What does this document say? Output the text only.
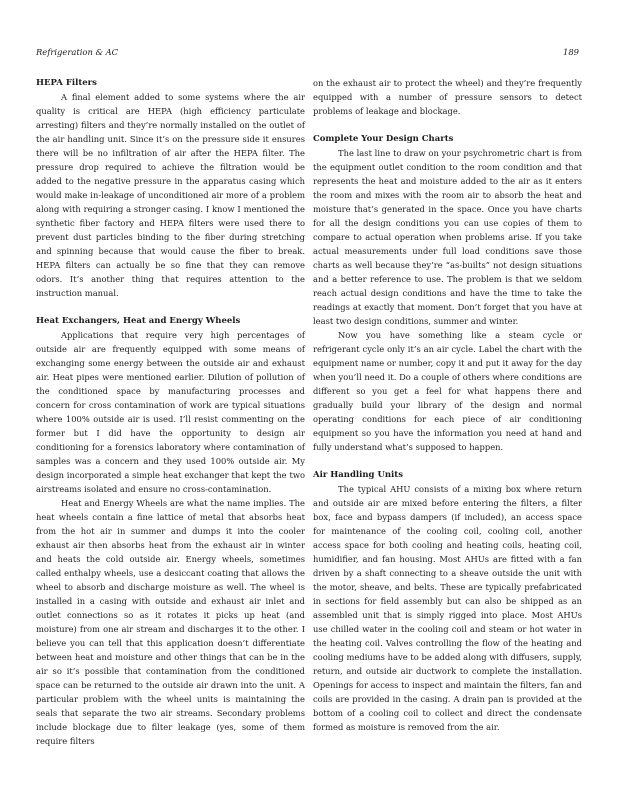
Refrigeration & AC	189
HEPA Filters

A final element added to some systems where the air quality is critical are HEPA (high efficiency particulate arresting) filters and they’re normally installed on the outlet of the air handling unit. Since it’s on the pressure side it ensures there will be no infiltration of air after the HEPA filter. The pressure drop required to achieve the filtration would be added to the negative pressure in the apparatus casing which would make in-leakage of unconditioned air more of a problem along with requiring a stronger casing. I know I mentioned the synthetic fiber factory and HEPA filters were used there to prevent dust particles binding to the fiber during stretching and spinning because that would cause the fiber to break. HEPA filters can actually be so fine that they can remove odors. It’s another thing that requires attention to the instruction manual.

Heat Exchangers, Heat and Energy Wheels

Applications that require very high percentages of outside air are frequently equipped with some means of exchanging some energy between the outside air and exhaust air. Heat pipes were mentioned earlier. Dilution of pollution of the conditioned space by manufacturing processes and concern for cross contamination of work are typical situations where 100% outside air is used. I’ll resist commenting on the former but I did have the opportunity to design air conditioning for a forensics laboratory where contamination of samples was a concern and they used 100% outside air. My design incorporated a simple heat exchanger that kept the two airstreams isolated and ensure no cross-contamination.

Heat and Energy Wheels are what the name implies. The heat wheels contain a fine lattice of metal that absorbs heat from the hot air in summer and dumps it into the cooler exhaust air then absorbs heat from the exhaust air in winter and heats the cold outside air. Energy wheels, sometimes called enthalpy wheels, use a desiccant coating that allows the wheel to absorb and discharge moisture as well. The wheel is installed in a casing with outside and exhaust air inlet and outlet connections so as it rotates it picks up heat (and moisture) from one air stream and discharges it to the other. I believe you can tell that this application doesn’t differentiate between heat and moisture and other things that can be in the air so it’s possible that contamination from the conditioned space can be returned to the outside air drawn into the unit. A particular problem with the wheel units is maintaining the seals that separate the two air streams. Secondary problems include blockage due to filter leakage (yes, some of them require filters

on the exhaust air to protect the wheel) and they’re frequently equipped with a number of pressure sensors to detect problems of leakage and blockage.

Complete Your Design Charts

The last line to draw on your psychrometric chart is from the equipment outlet condition to the room condition and that represents the heat and moisture added to the air as it enters the room and mixes with the room air to absorb the heat and moisture that’s generated in the space. Once you have charts for all the design conditions you can use copies of them to compare to actual operation when problems arise. If you take actual measurements under full load conditions save those charts as well because they’re “as-builts” not design situations and a better reference to use. The problem is that we seldom reach actual design conditions and have the time to take the readings at exactly that moment. Don’t forget that you have at least two design conditions, summer and winter.

Now you have something like a steam cycle or refrigerant cycle only it’s an air cycle. Label the chart with the equipment name or number, copy it and put it away for the day when you’ll need it. Do a couple of others where conditions are different so you get a feel for what happens there and gradually build your library of the design and normal operating conditions for each piece of air conditioning equipment so you have the information you need at hand and fully understand what’s supposed to happen.

Air Handling Units

The typical AHU consists of a mixing box where return and outside air are mixed before entering the filters, a filter box, face and bypass dampers (if included), an access space for maintenance of the cooling coil, cooling coil, another access space for both cooling and heating coils, heating coil, humidifier, and fan housing. Most AHUs are fitted with a fan driven by a shaft connecting to a sheave outside the unit with the motor, sheave, and belts. These are typically prefabricated in sections for field assembly but can also be shipped as an assembled unit that is simply rigged into place. Most AHUs use chilled water in the cooling coil and steam or hot water in the heating coil. Valves controlling the flow of the heating and cooling mediums have to be added along with diffusers, supply, return, and outside air ductwork to complete the installation. Openings for access to inspect and maintain the filters, fan and coils are provided in the casing. A drain pan is provided at the bottom of a cooling coil to collect and direct the condensate formed as moisture is removed from the air.
